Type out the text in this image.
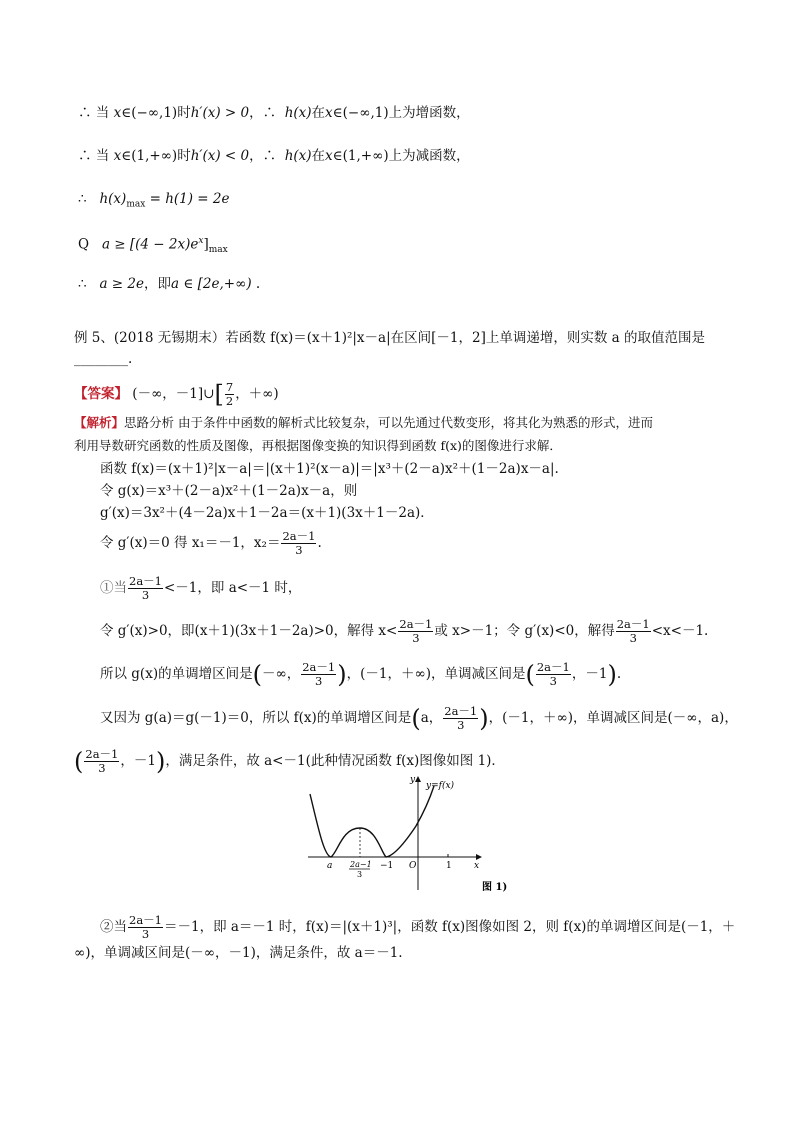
∴ 当 x∈(−∞,1)时h′(x) > 0，∴ h(x)在x∈(−∞,1)上为增函数，
∴ 当 x∈(1,+∞)时h′(x) < 0，∴ h(x)在x∈(1,+∞)上为减函数，
∴ $h(x)_{max} = h(1) = 2e$
Q $a \ge [(4 - 2x)e^x]_{max}$
∴ a ≥ 2e，即a ∈ [2e,+∞) .
例 5、(2018 无锡期末）若函数 f(x)＝(x＋1)²|x－a|在区间[－1，2]上单调递增，则实数 a 的取值范围是
________.
【答案】 (－∞，－1]∪[ $\frac{7}{2}$ ，＋∞)
【解析】思路分析 由于条件中函数的解析式比较复杂，可以先通过代数变形，将其化为熟悉的形式，进而
利用导数研究函数的性质及图像，再根据图像变换的知识得到函数 f(x)的图像进行求解．
函数 f(x)＝(x＋1)²|x－a|＝|(x＋1)²(x－a)|＝|x³＋(2－a)x²＋(1－2a)x－a|.
令 g(x)＝x³＋(2－a)x²＋(1－2a)x－a，则
g′(x)＝3x²＋(4－2a)x＋1－2a＝(x＋1)(3x＋1－2a)．
令 g′(x)＝0 得 x₁＝－1，$x_2= \frac{2a-1}{3}$ .
①当 $\frac{2a-1}{3} <-1$，即 a<－1 时，
令 g′(x)>0，即(x＋1)(3x＋1－2a)>0，解得 $x< \frac{2a-1}{3}$ 或 x>－1；令 g′(x)<0，解得 $\frac{2a-1}{3} <x<-1$.
所以 g(x)的单调增区间是(－∞， $\frac{2a-1}{3}$ )，(－1，＋∞)，单调减区间是( $\frac{2a-1}{3}$ ，－1).
又因为 g(a)＝g(－1)＝0，所以 f(x)的单调增区间是(a， $\frac{2a-1}{3}$ )，(－1，＋∞)，单调减区间是(－∞，a)，
( $\frac{2a-1}{3}$ ，－1)，满足条件，故 a<－1(此种情况函数 f(x)图像如图 1)．
y
y=f(x)
x
a	−1 O	1
2a−1
3
图 1)
②当 $\frac{2a-1}{3} =-1$，即 a＝－1 时，f(x)＝|(x＋1)³|，函数 f(x)图像如图 2，则 f(x)的单调增区间是(－1，＋
∞)，单调减区间是(－∞，－1)，满足条件，故 a＝－1.
